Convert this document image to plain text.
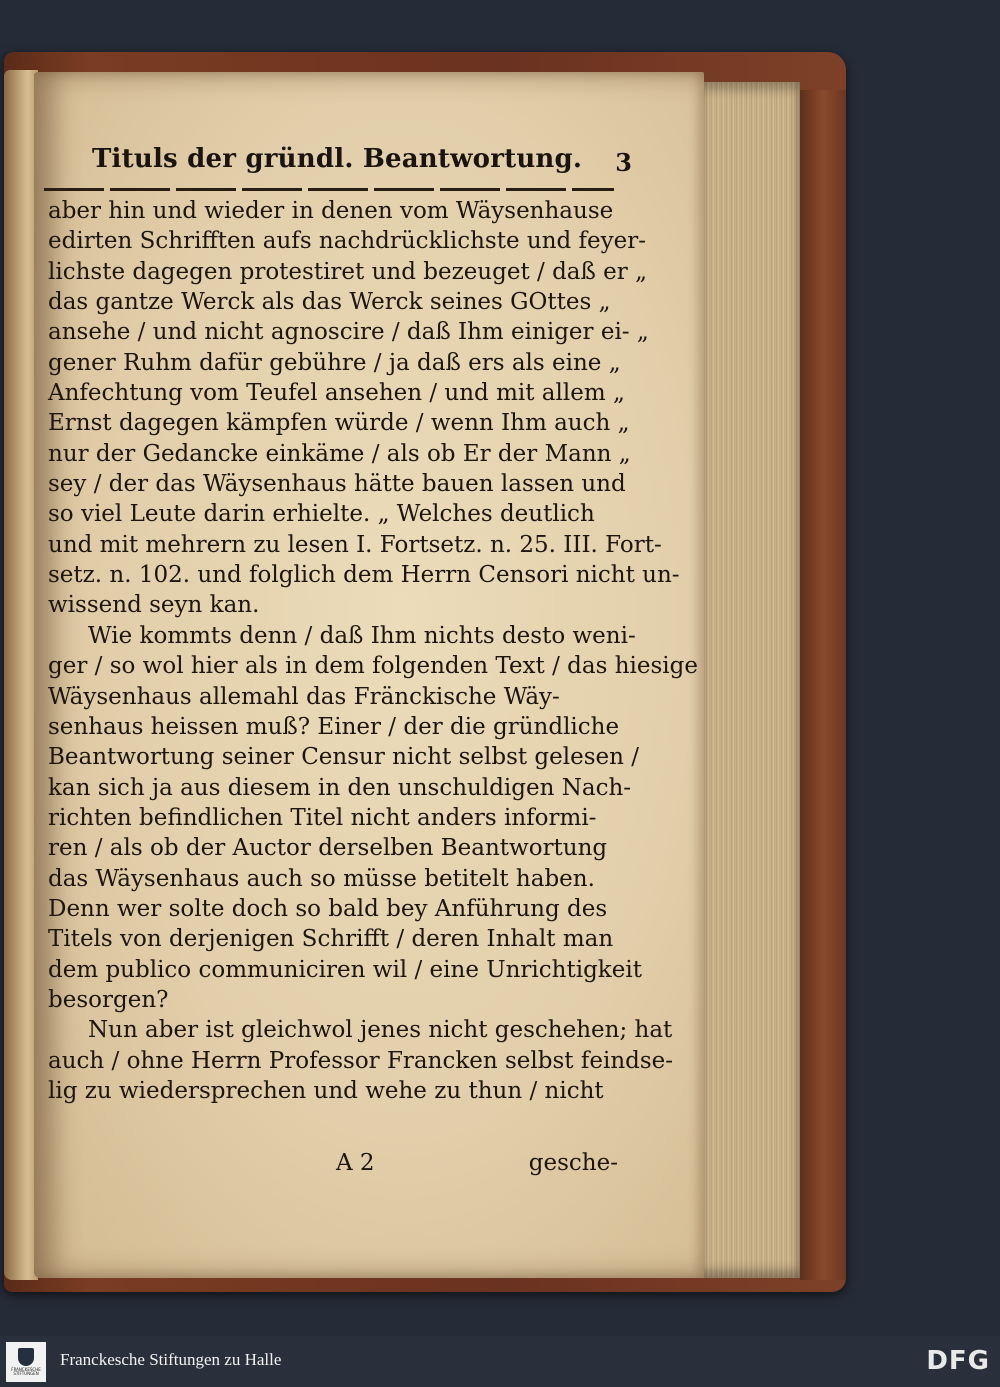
Tituls der gründl. Beantwortung. 3
aber hin und wieder in denen vom Wäysenhause
edirten Schrifften aufs nachdrücklichste und feyer-
lichste dagegen protestiret und bezeuget / daß er „
das gantze Werck als das Werck seines GOttes „
ansehe / und nicht agnoscire / daß Ihm einiger ei- „
gener Ruhm dafür gebühre / ja daß ers als eine „
Anfechtung vom Teufel ansehen / und mit allem „
Ernst dagegen kämpfen würde / wenn Ihm auch „
nur der Gedancke einkäme / als ob Er der Mann „
sey / der das Wäysenhaus hätte bauen lassen und
so viel Leute darin erhielte. „ Welches deutlich
und mit mehrern zu lesen I. Fortsetz. n. 25. III. Fort-
setz. n. 102. und folglich dem Herrn Censori nicht un-
wissend seyn kan.
Wie kommts denn / daß Ihm nichts desto weni-
ger / so wol hier als in dem folgenden Text / das hiesige
Wäysenhaus allemahl das Fränckische Wäy-
senhaus heissen muß? Einer / der die gründliche
Beantwortung seiner Censur nicht selbst gelesen /
kan sich ja aus diesem in den unschuldigen Nach-
richten befindlichen Titel nicht anders informi-
ren / als ob der Auctor derselben Beantwortung
das Wäysenhaus auch so müsse betitelt haben.
Denn wer solte doch so bald bey Anführung des
Titels von derjenigen Schrifft / deren Inhalt man
dem publico communiciren wil / eine Unrichtigkeit
besorgen?
Nun aber ist gleichwol jenes nicht geschehen; hat
auch / ohne Herrn Professor Francken selbst feindse-
lig zu wiedersprechen und wehe zu thun / nicht
A 2	gesche-
FRANCKESCHE STIFTUNGEN
Franckesche Stiftungen zu Halle	DFG
